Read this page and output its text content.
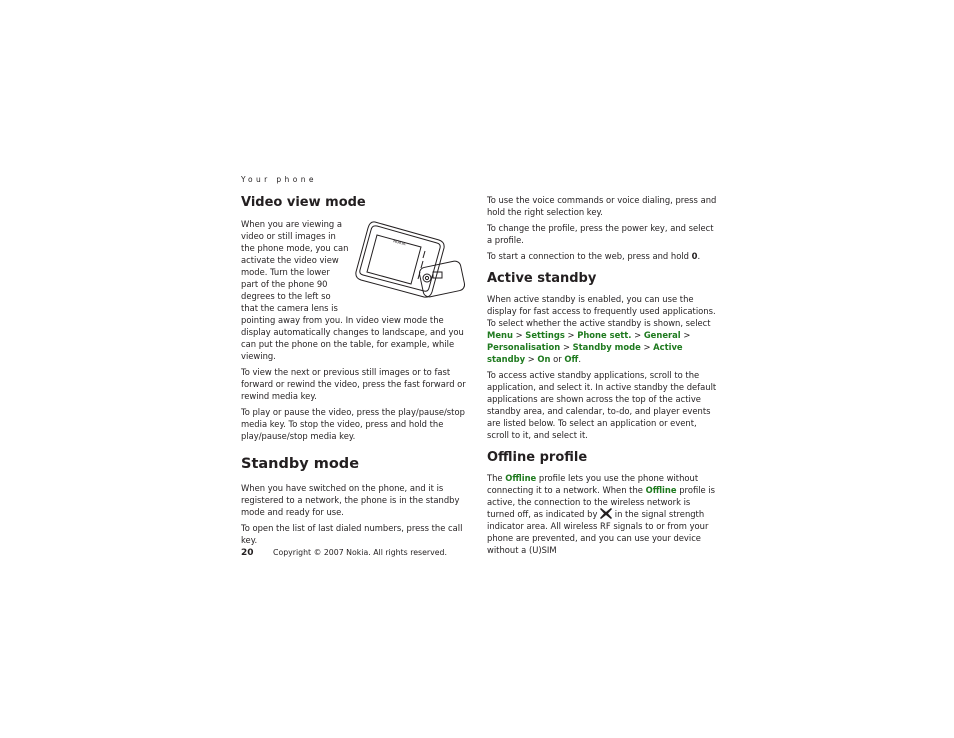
Your phone
Video view mode
NOKIA

When you are viewing a video or still images in the phone mode, you can activate the video view mode. Turn the lower part of the phone 90 degrees to the left so that the camera lens is pointing away from you. In video view mode the display automatically changes to landscape, and you can put the phone on the table, for example, while viewing.

To view the next or previous still images or to fast forward or rewind the video, press the fast forward or rewind media key.

To play or pause the video, press the play/pause/stop media key. To stop the video, press and hold the play/pause/stop media key.

Standby mode

When you have switched on the phone, and it is registered to a network, the phone is in the standby mode and ready for use.

To open the list of last dialed numbers, press the call key.

To use the voice commands or voice dialing, press and hold the right selection key.

To change the profile, press the power key, and select a profile.

To start a connection to the web, press and hold 0.

Active standby

When active standby is enabled, you can use the display for fast access to frequently used applications. To select whether the active standby is shown, select Menu > Settings > Phone sett. > General > Personalisation > Standby mode > Active standby > On or Off.

To access active standby applications, scroll to the application, and select it. In active standby the default applications are shown across the top of the active standby area, and calendar, to-do, and player events are listed below. To select an application or event, scroll to it, and select it.

Offline profile

The Offline profile lets you use the phone without connecting it to a network. When the Offline profile is active, the connection to the wireless network is turned off, as indicated by  in the signal strength indicator area. All wireless RF signals to or from your phone are prevented, and you can use your device without a (U)SIM

20 Copyright © 2007 Nokia. All rights reserved.
